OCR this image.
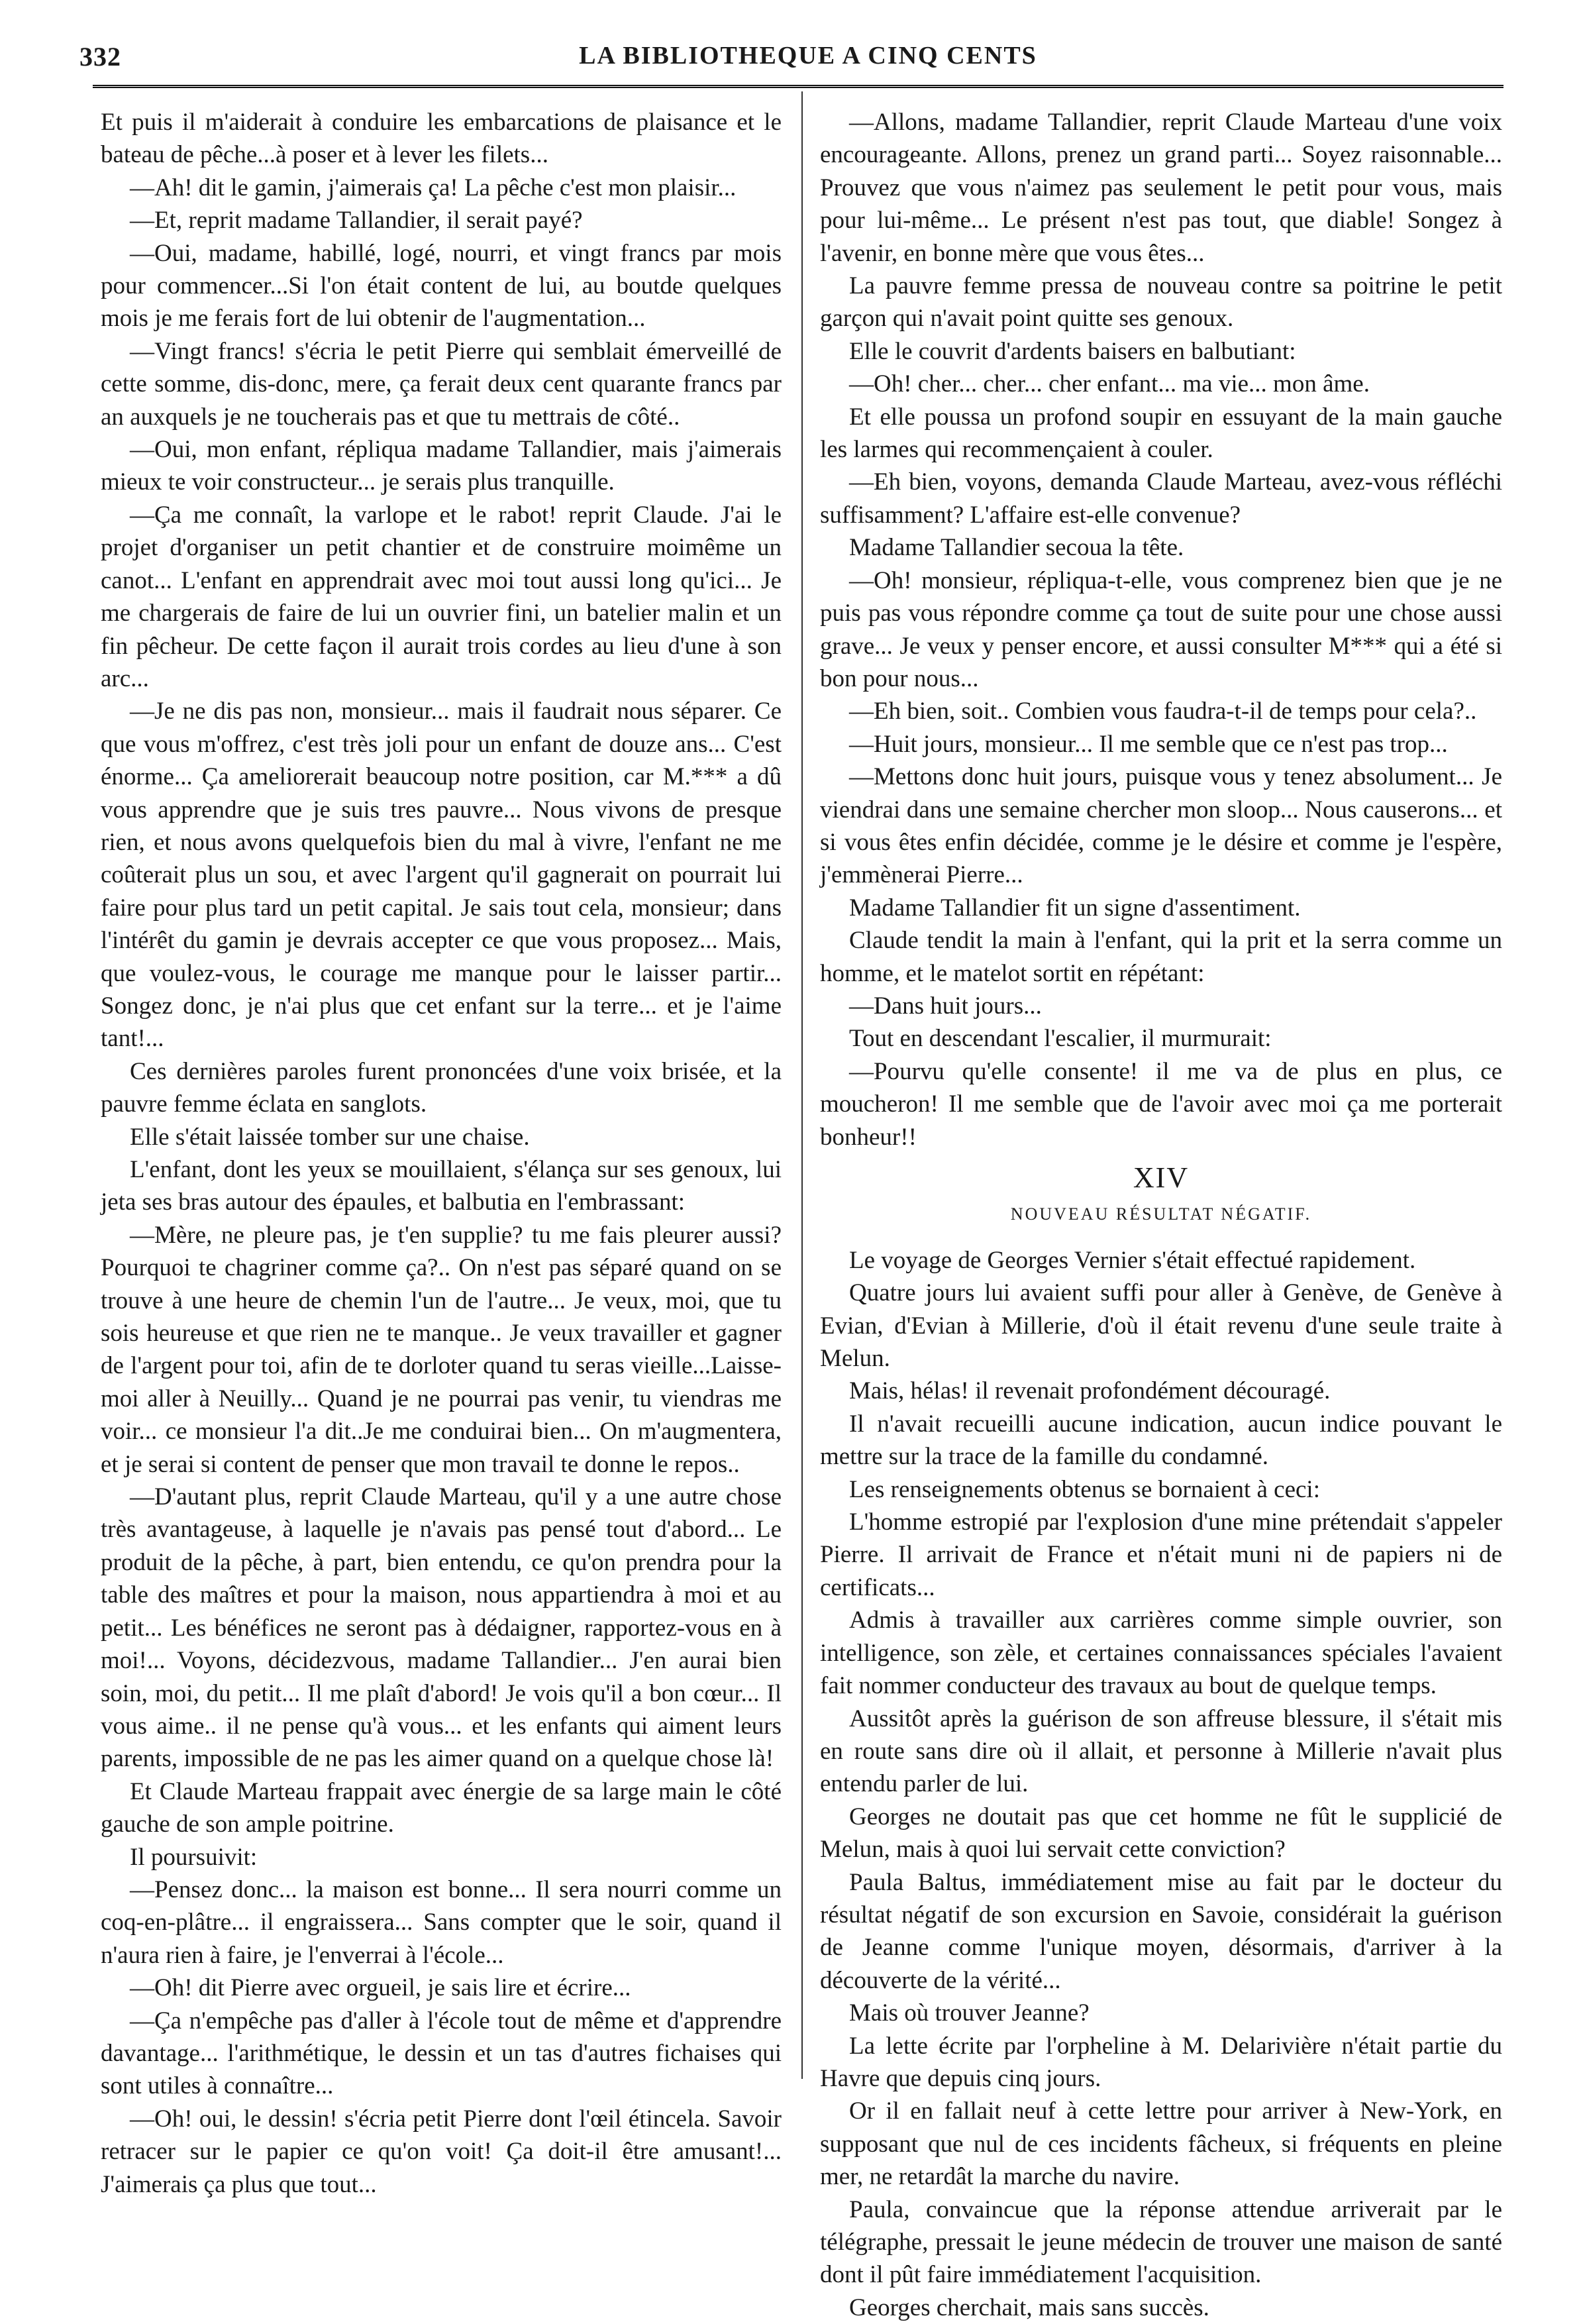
332	LA BIBLIOTHEQUE A CINQ CENTS

Et puis il m'aiderait à conduire les embarcations de plaisance et le bateau de pêche...à poser et à lever les filets...

—Ah! dit le gamin, j'aimerais ça! La pêche c'est mon plaisir...

—Et, reprit madame Tallandier, il serait payé?

—Oui, madame, habillé, logé, nourri, et vingt francs par mois pour commencer...Si l'on était content de lui, au boutde quelques mois je me ferais fort de lui obtenir de l'augmentation...

—Vingt francs! s'écria le petit Pierre qui semblait émerveillé de cette somme, dis-donc, mere, ça ferait deux cent quarante francs par an auxquels je ne toucherais pas et que tu mettrais de côté..

—Oui, mon enfant, répliqua madame Tallandier, mais j'aimerais mieux te voir constructeur... je serais plus tranquille.

—Ça me connaît, la varlope et le rabot! reprit Claude. J'ai le projet d'organiser un petit chantier et de construire moimême un canot... L'enfant en apprendrait avec moi tout aussi long qu'ici... Je me chargerais de faire de lui un ouvrier fini, un batelier malin et un fin pêcheur. De cette façon il aurait trois cordes au lieu d'une à son arc...

—Je ne dis pas non, monsieur... mais il faudrait nous séparer. Ce que vous m'offrez, c'est très joli pour un enfant de douze ans... C'est énorme... Ça ameliorerait beaucoup notre position, car M.*** a dû vous apprendre que je suis tres pauvre... Nous vivons de presque rien, et nous avons quelquefois bien du mal à vivre, l'enfant ne me coûterait plus un sou, et avec l'argent qu'il gagnerait on pourrait lui faire pour plus tard un petit capital. Je sais tout cela, monsieur; dans l'intérêt du gamin je devrais accepter ce que vous proposez... Mais, que voulez-vous, le courage me manque pour le laisser partir... Songez donc, je n'ai plus que cet enfant sur la terre... et je l'aime tant!...

Ces dernières paroles furent prononcées d'une voix brisée, et la pauvre femme éclata en sanglots.

Elle s'était laissée tomber sur une chaise.

L'enfant, dont les yeux se mouillaient, s'élança sur ses genoux, lui jeta ses bras autour des épaules, et balbutia en l'embrassant:

—Mère, ne pleure pas, je t'en supplie? tu me fais pleurer aussi? Pourquoi te chagriner comme ça?.. On n'est pas séparé quand on se trouve à une heure de chemin l'un de l'autre... Je veux, moi, que tu sois heureuse et que rien ne te manque.. Je veux travailler et gagner de l'argent pour toi, afin de te dorloter quand tu seras vieille...Laisse-moi aller à Neuilly... Quand je ne pourrai pas venir, tu viendras me voir... ce monsieur l'a dit..Je me conduirai bien... On m'augmentera, et je serai si content de penser que mon travail te donne le repos..

—D'autant plus, reprit Claude Marteau, qu'il y a une autre chose très avantageuse, à laquelle je n'avais pas pensé tout d'abord... Le produit de la pêche, à part, bien entendu, ce qu'on prendra pour la table des maîtres et pour la maison, nous appartiendra à moi et au petit... Les bénéfices ne seront pas à dédaigner, rapportez-vous en à moi!... Voyons, décidezvous, madame Tallandier... J'en aurai bien soin, moi, du petit... Il me plaît d'abord! Je vois qu'il a bon cœur... Il vous aime.. il ne pense qu'à vous... et les enfants qui aiment leurs parents, impossible de ne pas les aimer quand on a quelque chose là!

Et Claude Marteau frappait avec énergie de sa large main le côté gauche de son ample poitrine.

Il poursuivit:

—Pensez donc... la maison est bonne... Il sera nourri comme un coq-en-plâtre... il engraissera... Sans compter que le soir, quand il n'aura rien à faire, je l'enverrai à l'école...

—Oh! dit Pierre avec orgueil, je sais lire et écrire...

—Ça n'empêche pas d'aller à l'école tout de même et d'apprendre davantage... l'arithmétique, le dessin et un tas d'autres fichaises qui sont utiles à connaître...

—Oh! oui, le dessin! s'écria petit Pierre dont l'œil étincela. Savoir retracer sur le papier ce qu'on voit! Ça doit-il être amusant!... J'aimerais ça plus que tout...

—Allons, madame Tallandier, reprit Claude Marteau d'une voix encourageante. Allons, prenez un grand parti... Soyez raisonnable... Prouvez que vous n'aimez pas seulement le petit pour vous, mais pour lui-même... Le présent n'est pas tout, que diable! Songez à l'avenir, en bonne mère que vous êtes...

La pauvre femme pressa de nouveau contre sa poitrine le petit garçon qui n'avait point quitte ses genoux.

Elle le couvrit d'ardents baisers en balbutiant:

—Oh! cher... cher... cher enfant... ma vie... mon âme.

Et elle poussa un profond soupir en essuyant de la main gauche les larmes qui recommençaient à couler.

—Eh bien, voyons, demanda Claude Marteau, avez-vous réfléchi suffisamment? L'affaire est-elle convenue?

Madame Tallandier secoua la tête.

—Oh! monsieur, répliqua-t-elle, vous comprenez bien que je ne puis pas vous répondre comme ça tout de suite pour une chose aussi grave... Je veux y penser encore, et aussi consulter M*** qui a été si bon pour nous...

—Eh bien, soit.. Combien vous faudra-t-il de temps pour cela?..

—Huit jours, monsieur... Il me semble que ce n'est pas trop...

—Mettons donc huit jours, puisque vous y tenez absolument... Je viendrai dans une semaine chercher mon sloop... Nous causerons... et si vous êtes enfin décidée, comme je le désire et comme je l'espère, j'emmènerai Pierre...

Madame Tallandier fit un signe d'assentiment.

Claude tendit la main à l'enfant, qui la prit et la serra comme un homme, et le matelot sortit en répétant:

—Dans huit jours...

Tout en descendant l'escalier, il murmurait:

—Pourvu qu'elle consente! il me va de plus en plus, ce moucheron! Il me semble que de l'avoir avec moi ça me porterait bonheur!!

XIV

NOUVEAU RÉSULTAT NÉGATIF.

Le voyage de Georges Vernier s'était effectué rapidement.

Quatre jours lui avaient suffi pour aller à Genève, de Genève à Evian, d'Evian à Millerie, d'où il était revenu d'une seule traite à Melun.

Mais, hélas! il revenait profondément découragé.

Il n'avait recueilli aucune indication, aucun indice pouvant le mettre sur la trace de la famille du condamné.

Les renseignements obtenus se bornaient à ceci:

L'homme estropié par l'explosion d'une mine prétendait s'appeler Pierre. Il arrivait de France et n'était muni ni de papiers ni de certificats...

Admis à travailler aux carrières comme simple ouvrier, son intelligence, son zèle, et certaines connaissances spéciales l'avaient fait nommer conducteur des travaux au bout de quelque temps.

Aussitôt après la guérison de son affreuse blessure, il s'était mis en route sans dire où il allait, et personne à Millerie n'avait plus entendu parler de lui.

Georges ne doutait pas que cet homme ne fût le supplicié de Melun, mais à quoi lui servait cette conviction?

Paula Baltus, immédiatement mise au fait par le docteur du résultat négatif de son excursion en Savoie, considérait la guérison de Jeanne comme l'unique moyen, désormais, d'arriver à la découverte de la vérité...

Mais où trouver Jeanne?

La lette écrite par l'orpheline à M. Delarivière n'était partie du Havre que depuis cinq jours.

Or il en fallait neuf à cette lettre pour arriver à New-York, en supposant que nul de ces incidents fâcheux, si fréquents en pleine mer, ne retardât la marche du navire.

Paula, convaincue que la réponse attendue arriverait par le télégraphe, pressait le jeune médecin de trouver une maison de santé dont il pût faire immédiatement l'acquisition.

Georges cherchait, mais sans succès.
